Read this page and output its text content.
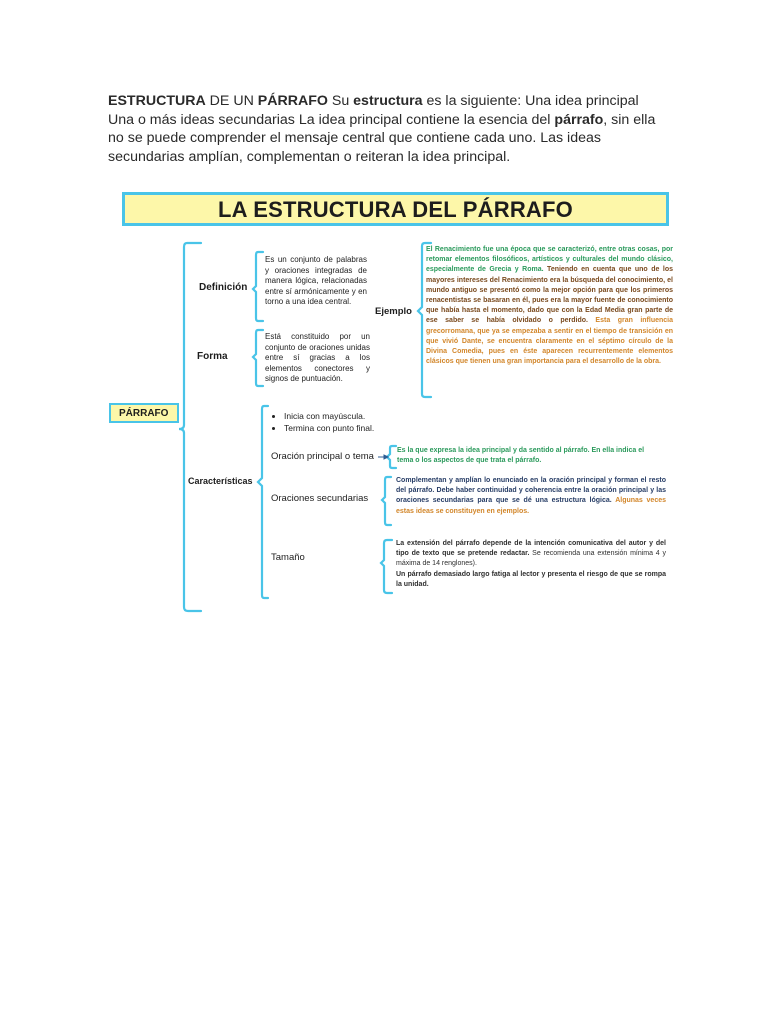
ESTRUCTURA DE UN PÁRRAFO Su estructura es la siguiente: Una idea principal Una o más ideas secundarias La idea principal contiene la esencia del párrafo, sin ella no se puede comprender el mensaje central que contiene cada uno. Las ideas secundarias amplían, complementan o reiteran la idea principal.
LA ESTRUCTURA DEL PÁRRAFO
PÁRRAFO
Definición
Es un conjunto de palabras y oraciones integradas de manera lógica, relacionadas entre sí armónicamente y en torno a una idea central.
Forma
Está constituido por un conjunto de oraciones unidas entre sí gracias a los elementos conectores y signos de puntuación.
Ejemplo
El Renacimiento fue una época que se caracterizó, entre otras cosas, por retomar elementos filosóficos, artísticos y culturales del mundo clásico, especialmente de Grecia y Roma. Teniendo en cuenta que uno de los mayores intereses del Renacimiento era la búsqueda del conocimiento, el mundo antiguo se presentó como la mejor opción para que los primeros renacentistas se basaran en él, pues era la mayor fuente de conocimiento que había hasta el momento, dado que con la Edad Media gran parte de ese saber se había olvidado o perdido. Esta gran influencia grecorromana, que ya se empezaba a sentir en el tiempo de transición en que vivió Dante, se encuentra claramente en el séptimo círculo de la Divina Comedia, pues en éste aparecen recurrentemente elementos clásicos que tienen una gran importancia para el desarrollo de la obra.
Características
• Inicia con mayúscula.
• Termina con punto final.
Oración principal o tema
Es la que expresa la idea principal y da sentido al párrafo. En ella indica el tema o los aspectos de que trata el párrafo.
Oraciones secundarias
Complementan y amplían lo enunciado en la oración principal y forman el resto del párrafo. Debe haber continuidad y coherencia entre la oración principal y las oraciones secundarias para que se dé una estructura lógica. Algunas veces estas ideas se constituyen en ejemplos.
Tamaño
La extensión del párrafo depende de la intención comunicativa del autor y del tipo de texto que se pretende redactar. Se recomienda una extensión mínima 4 y máxima de 14 renglones).
Un párrafo demasiado largo fatiga al lector y presenta el riesgo de que se rompa la unidad.
